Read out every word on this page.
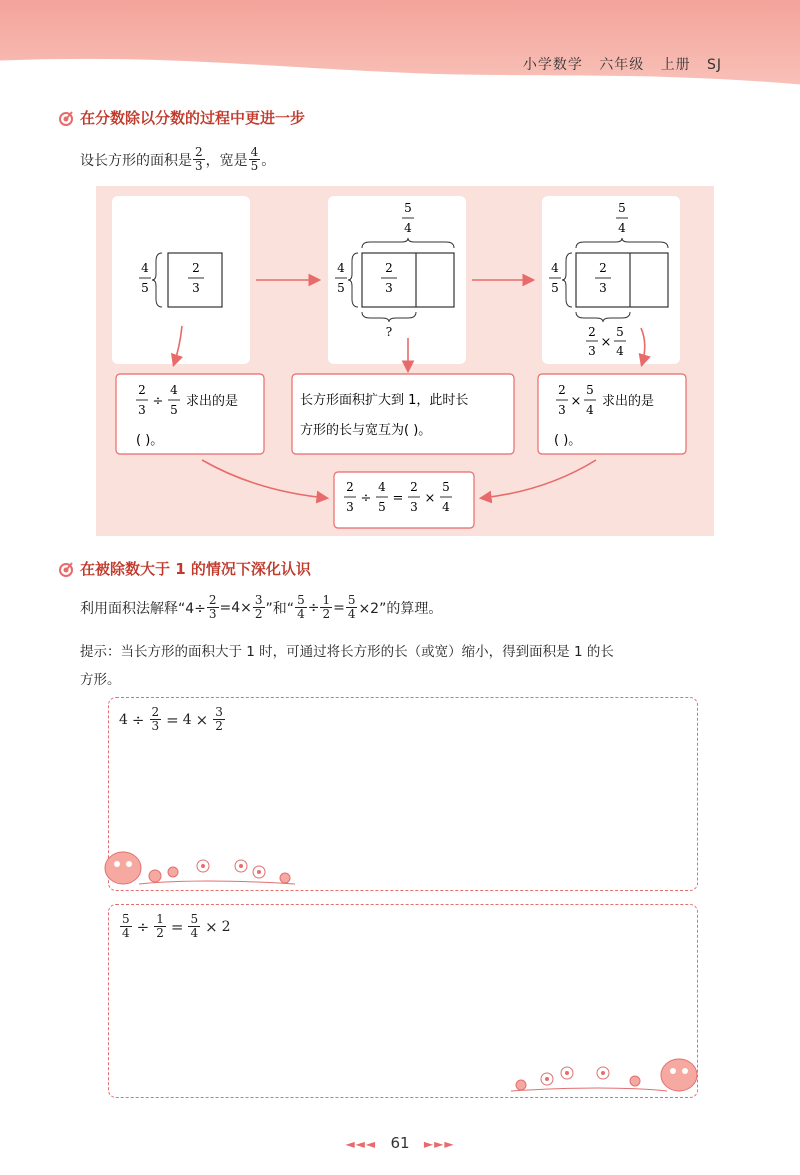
小学数学 六年级 上册 SJ
在分数除以分数的过程中更进一步
设长方形的面积是 $\frac{2}{3}$ ，宽是 $\frac{4}{5}$ 。
2
3
4
5
2
3
4
5
5
4
?
2
3
4
5
5
4
2
3
×
5
4
2
3
÷
4
5
求出的是
( )。
长方形面积扩大到 1，此时长
方形的长与宽互为( )。
2
3
×
5
4
求出的是
( )。
2
3
÷
4
5
=
2
3
×
5
4
在被除数大于 1 的情况下深化认识
利用面积法解释“$4\div \frac{2}{3} =4\times \frac{3}{2}$ ”和“ $\frac{5}{4} \div \frac{1}{2} = \frac{5}{4} \times 2$”的算理。
提示：当长方形的面积大于 1 时，可通过将长方形的长（或宽）缩小，得到面积是 1 的长
方形。
$4 \div \frac{2}{3} = 4 \times \frac{3}{2}$
$\frac{5}{4} \div \frac{1}{2} = \frac{5}{4} \times 2$
◄◄◄ 61 ►►►
